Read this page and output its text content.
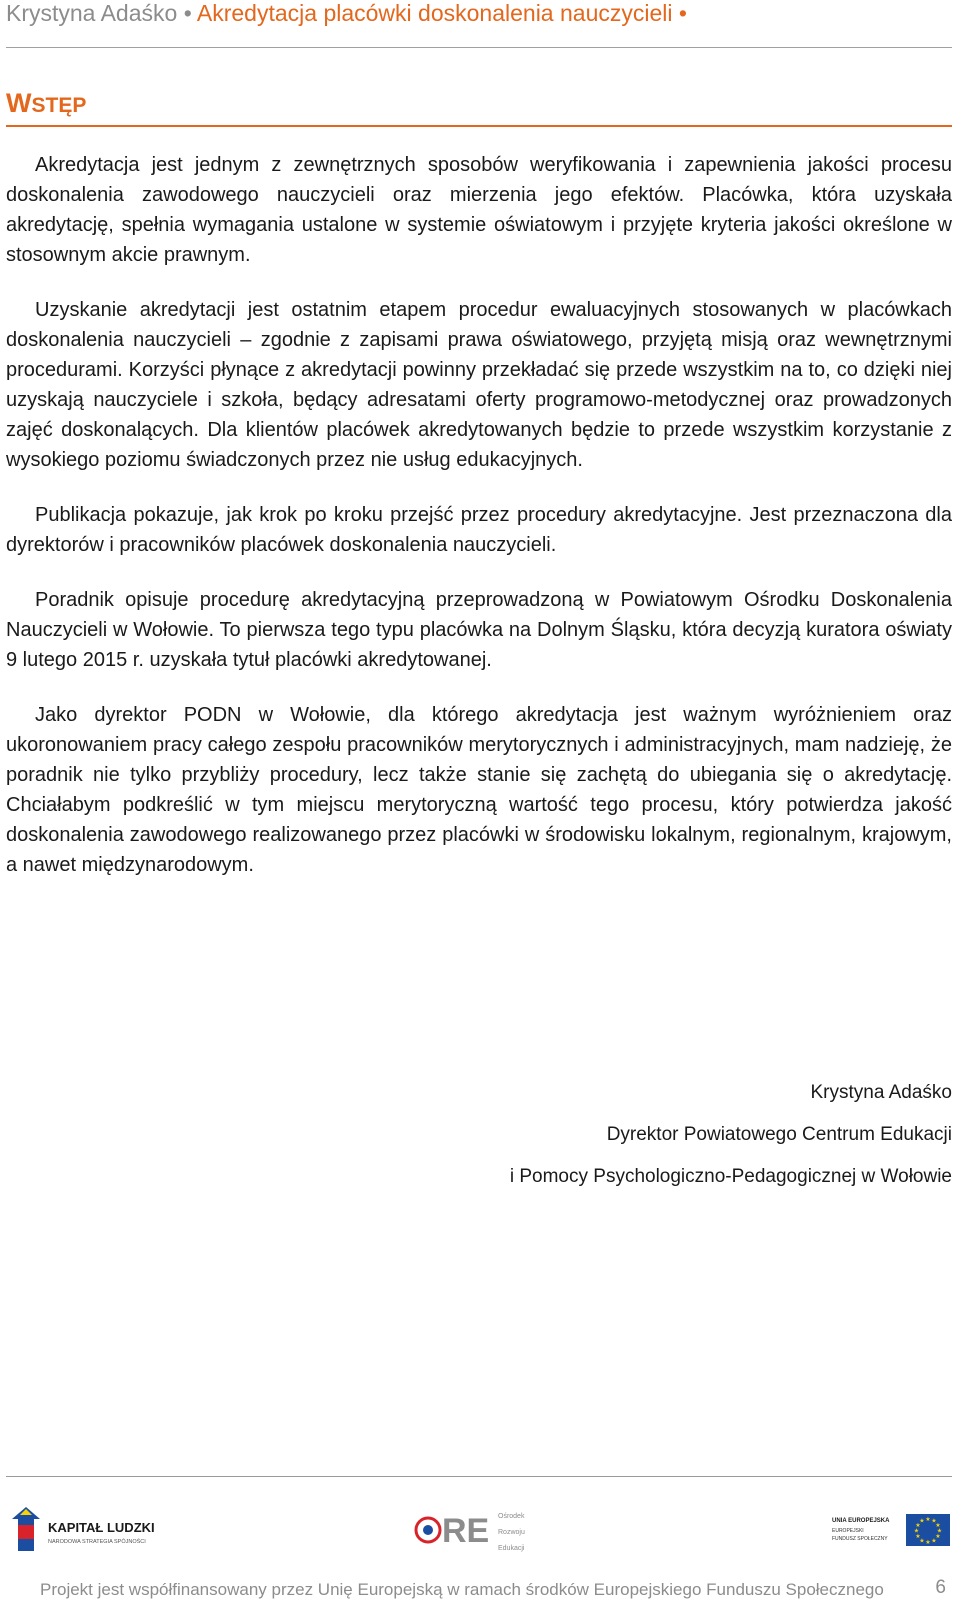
Krystyna Adaśko • Akredytacja placówki doskonalenia nauczycieli •
WSTĘP

Akredytacja jest jednym z zewnętrznych sposobów weryfikowania i zapewnienia jakości procesu doskonalenia zawodowego nauczycieli oraz mierzenia jego efektów. Placówka, która uzyskała akredytację, spełnia wymagania ustalone w systemie oświatowym i przyjęte kryteria jakości określone w stosownym akcie prawnym.

Uzyskanie akredytacji jest ostatnim etapem procedur ewaluacyjnych stosowanych w placówkach doskonalenia nauczycieli – zgodnie z zapisami prawa oświatowego, przyjętą misją oraz wewnętrznymi procedurami. Korzyści płynące z akredytacji powinny przekładać się przede wszystkim na to, co dzięki niej uzyskają nauczyciele i szkoła, będący adresatami oferty programowo-metodycznej oraz prowadzonych zajęć doskonalących. Dla klientów placówek akredytowanych będzie to przede wszystkim korzystanie z wysokiego poziomu świadczonych przez nie usług edukacyjnych.

Publikacja pokazuje, jak krok po kroku przejść przez procedury akredytacyjne. Jest przeznaczona dla dyrektorów i pracowników placówek doskonalenia nauczycieli.

Poradnik opisuje procedurę akredytacyjną przeprowadzoną w Powiatowym Ośrodku Doskonalenia Nauczycieli w Wołowie. To pierwsza tego typu placówka na Dolnym Śląsku, która decyzją kuratora oświaty 9 lutego 2015 r. uzyskała tytuł placówki akredytowanej.

Jako dyrektor PODN w Wołowie, dla którego akredytacja jest ważnym wyróżnieniem oraz ukoronowaniem pracy całego zespołu pracowników merytorycznych i administracyjnych, mam nadzieję, że poradnik nie tylko przybliży procedury, lecz także stanie się zachętą do ubiegania się o akredytację. Chciałabym podkreślić w tym miejscu merytoryczną wartość tego procesu, który potwierdza jakość doskonalenia zawodowego realizowanego przez placówki w środowisku lokalnym, regionalnym, krajowym, a nawet międzynarodowym.

Krystyna Adaśko
Dyrektor Powiatowego Centrum Edukacji
i Pomocy Psychologiczno-Pedagogicznej w Wołowie
KAPITAŁ LUDZKI
NARODOWA STRATEGIA SPÓJNOŚCI	RE Ośrodek
Rozwoju
Edukacji
UNIA EUROPEJSKA
EUROPEJSKI
FUNDUSZ SPOŁECZNY
★ ★
★
★
★
★
★
★
★
★
★
★
Projekt jest współfinansowany przez Unię Europejską w ramach środków Europejskiego Funduszu Społecznego	6
